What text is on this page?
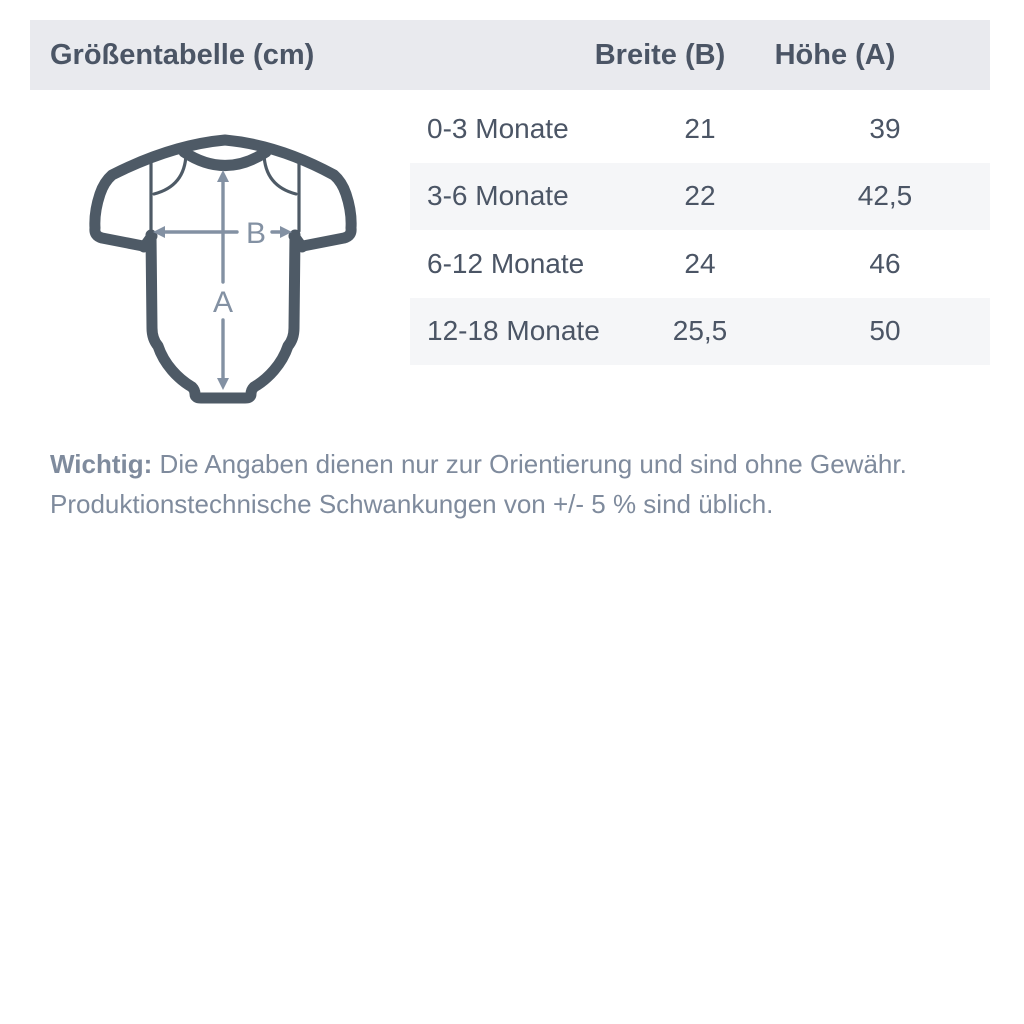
Größentabelle (cm)	Breite (B)	Höhe (A)
0-3 Monate	21	39
3-6 Monate	22	42,5
6-12 Monate	24	46
12-18 Monate	25,5	50
A
B
Wichtig: Die Angaben dienen nur zur Orientierung und sind ohne Gewähr.
Produktionstechnische Schwankungen von +/- 5 % sind üblich.
